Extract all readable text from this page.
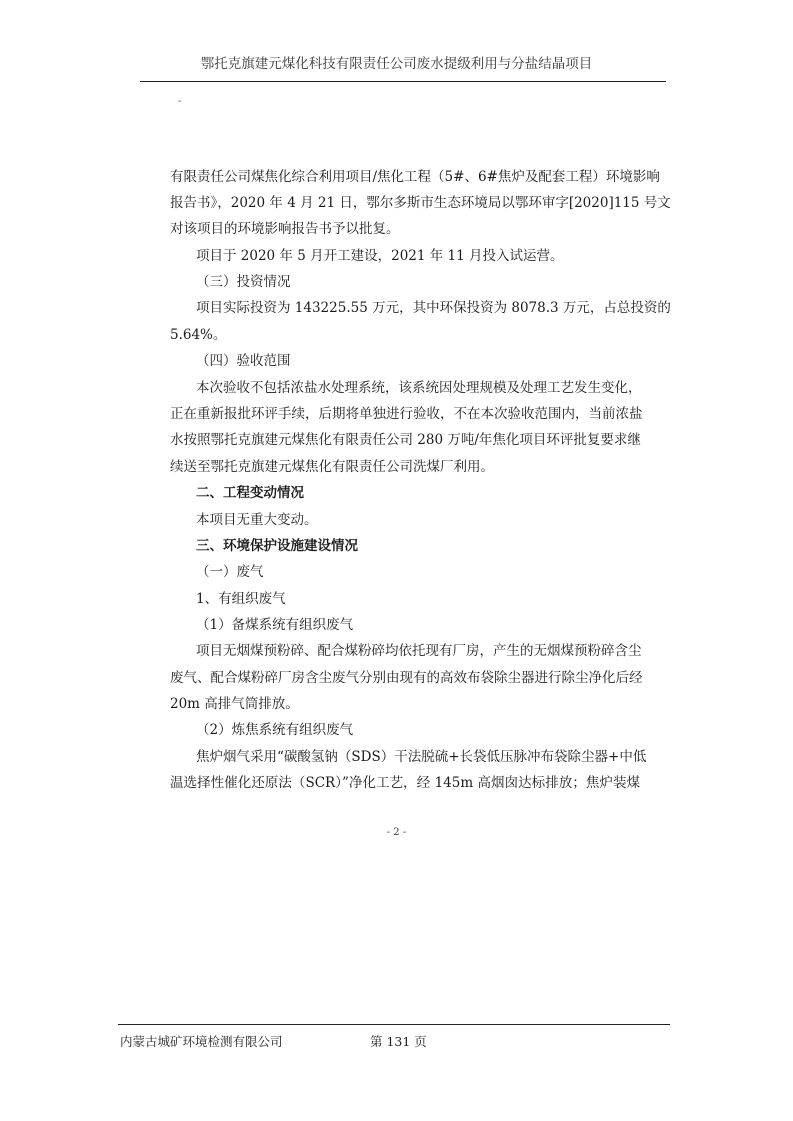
鄂托克旗建元煤化科技有限责任公司废水提级利用与分盐结晶项目
-
有限责任公司煤焦化综合利用项目/焦化工程（5#、6#焦炉及配套工程）环境影响
报告书》，2020 年 4 月 21 日，鄂尔多斯市生态环境局以鄂环审字[2020]115 号文
对该项目的环境影响报告书予以批复。
项目于 2020 年 5 月开工建设，2021 年 11 月投入试运营。
（三）投资情况
项目实际投资为 143225.55 万元，其中环保投资为 8078.3 万元，占总投资的
5.64%。
（四）验收范围
本次验收不包括浓盐水处理系统，该系统因处理规模及处理工艺发生变化，
正在重新报批环评手续，后期将单独进行验收，不在本次验收范围内，当前浓盐
水按照鄂托克旗建元煤焦化有限责任公司 280 万吨/年焦化项目环评批复要求继
续送至鄂托克旗建元煤焦化有限责任公司洗煤厂利用。
二、工程变动情况
本项目无重大变动。
三、环境保护设施建设情况
（一）废气
1、有组织废气
（1）备煤系统有组织废气
项目无烟煤预粉碎、配合煤粉碎均依托现有厂房，产生的无烟煤预粉碎含尘
废气、配合煤粉碎厂房含尘废气分别由现有的高效布袋除尘器进行除尘净化后经
20m 高排气筒排放。
（2）炼焦系统有组织废气
焦炉烟气采用“碳酸氢钠（SDS）干法脱硫+长袋低压脉冲布袋除尘器+中低
温选择性催化还原法（SCR）”净化工艺，经 145m 高烟囱达标排放；焦炉装煤
- 2 -
内蒙古城矿环境检测有限公司	第 131 页
